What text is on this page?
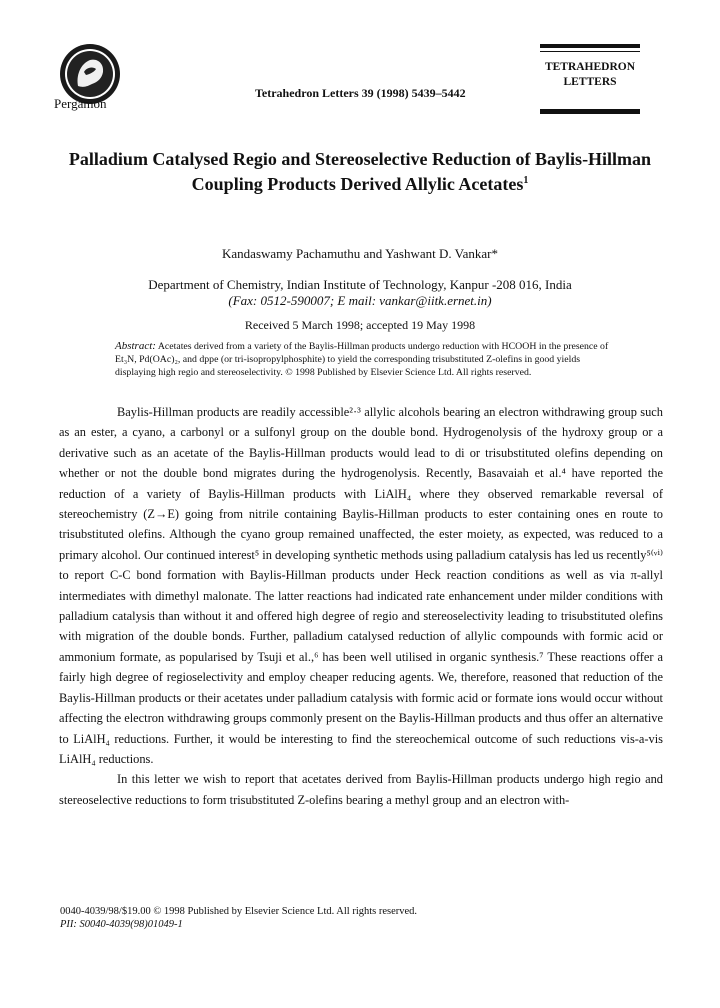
Pergamon
Tetrahedron Letters 39 (1998) 5439–5442
TETRAHEDRON
LETTERS
Palladium Catalysed Regio and Stereoselective Reduction of Baylis-Hillman
Coupling Products Derived Allylic Acetates$^1$
Kandaswamy Pachamuthu and Yashwant D. Vankar*
Department of Chemistry, Indian Institute of Technology, Kanpur -208 016, India
(Fax: 0512-590007; E mail: vankar@iitk.ernet.in)
Received 5 March 1998; accepted 19 May 1998
Abstract: Acetates derived from a variety of the Baylis-Hillman products undergo reduction with HCOOH in the presence of Et₃N, Pd(OAc)₂, and dppe (or tri-isopropylphosphite) to yield the corresponding trisubstituted Z-olefins in good yields displaying high regio and stereoselectivity. © 1998 Published by Elsevier Science Ltd. All rights reserved.

Baylis-Hillman products are readily accessible²·³ allylic alcohols bearing an electron withdrawing group such as an ester, a cyano, a carbonyl or a sulfonyl group on the double bond. Hydrogenolysis of the hydroxy group or a derivative such as an acetate of the Baylis-Hillman products would lead to di or trisubstituted olefins depending on whether or not the double bond migrates during the hydrogenolysis. Recently, Basavaiah et al.⁴ have reported the reduction of a variety of Baylis-Hillman products with LiAlH₄ where they observed remarkable reversal of stereochemistry (Z→E) going from nitrile containing Baylis-Hillman products to ester containing ones en route to trisubstituted olefins. Although the cyano group remained unaffected, the ester moiety, as expected, was reduced to a primary alcohol. Our continued interest⁵ in developing synthetic methods using palladium catalysis has led us recently⁵⁽ᵛⁱ⁾ to report C-C bond formation with Baylis-Hillman products under Heck reaction conditions as well as via π-allyl intermediates with dimethyl malonate. The latter reactions had indicated rate enhancement under milder conditions with palladium catalysis than without it and offered high degree of regio and stereoselectivity leading to trisubstituted olefins with migration of the double bonds. Further, palladium catalysed reduction of allylic compounds with formic acid or ammonium formate, as popularised by Tsuji et al.,⁶ has been well utilised in organic synthesis.⁷ These reactions offer a fairly high degree of regioselectivity and employ cheaper reducing agents. We, therefore, reasoned that reduction of the Baylis-Hillman products or their acetates under palladium catalysis with formic acid or formate ions would occur without affecting the electron withdrawing groups commonly present on the Baylis-Hillman products and thus offer an alternative to LiAlH₄ reductions. Further, it would be interesting to find the stereochemical outcome of such reductions vis-a-vis LiAlH₄ reductions.

In this letter we wish to report that acetates derived from Baylis-Hillman products undergo high regio and stereoselective reductions to form trisubstituted Z-olefins bearing a methyl group and an electron with-

0040-4039/98/$19.00 © 1998 Published by Elsevier Science Ltd. All rights reserved.
PII: S0040-4039(98)01049-1
